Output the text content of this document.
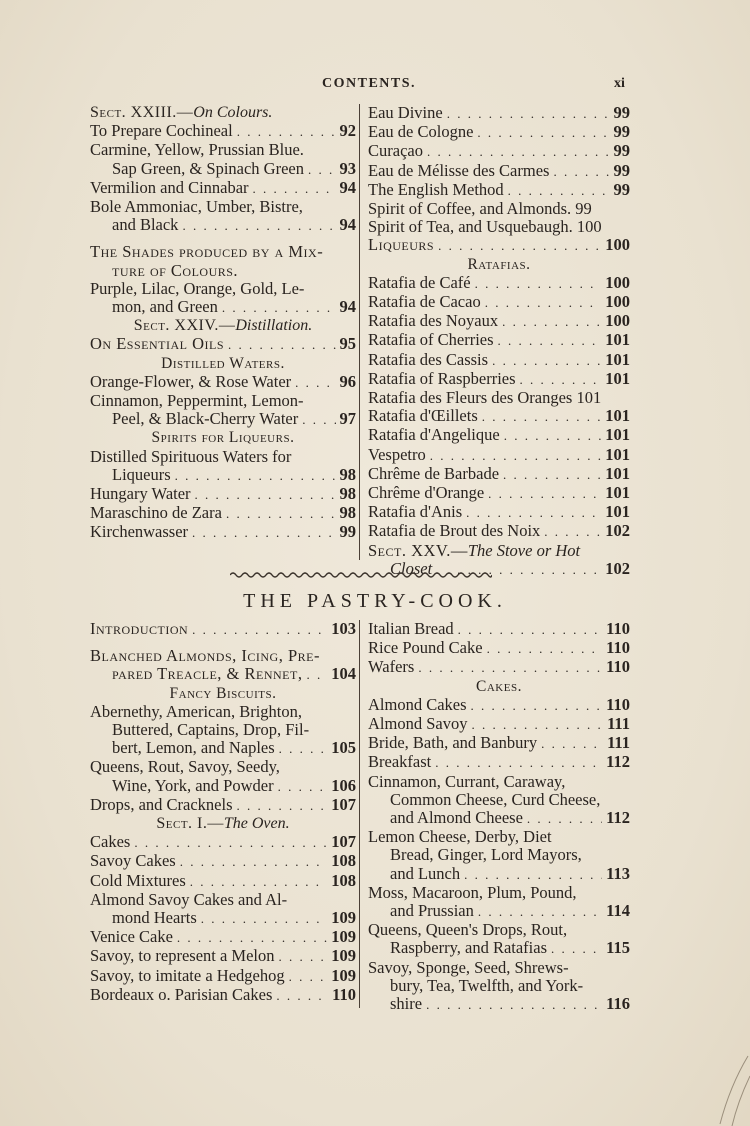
CONTENTS.	xi
Sect. XXIII.—On Colours.
To Prepare Cochineal . . .	92
Carmine, Yellow, Prussian Blue.
Sap Green, & Spinach Green . . . 93
Vermilion and Cinnabar . . .	94
Bole Ammoniac, Umber, Bistre,
and Black . . .	94
The Shades produced by a Mix-
ture of Colours.
Purple, Lilac, Orange, Gold, Le-
mon, and Green . . .	94
Sect. XXIV.—Distillation.
On Essential Oils . . .	95
Distilled Waters.
Orange-Flower, & Rose Water . . .	96
Cinnamon, Peppermint, Lemon-
Peel, & Black-Cherry Water . . .	97
Spirits for Liqueurs.
Distilled Spirituous Waters for
Liqueurs . . .	98
Hungary Water . . .	98
Maraschino de Zara . . .	98
Kirchenwasser . . .	99
Eau Divine . . .	99
Eau de Cologne . . .	99
Curaçao . . .	99
Eau de Mélisse des Carmes . . .	99
The English Method . . .	99
Spirit of Coffee, and Almonds. 99
Spirit of Tea, and Usquebaugh. 100
Liqueurs . . .	100
Ratafias.
Ratafia de Café . . .	100
Ratafia de Cacao . . .	100
Ratafia des Noyaux . . .	100
Ratafia of Cherries . . .	101
Ratafia des Cassis . . .	101
Ratafia of Raspberries . . .	101
Ratafia des Fleurs des Oranges 101
Ratafia d'Œillets . . .	101
Ratafia d'Angelique . . .	101
Vespetro . . .	101
Chrême de Barbade . . .	101
Chrême d'Orange . . .	101
Ratafia d'Anis . . .	101
Ratafia de Brout des Noix . . .	102
Sect. XXV.—The Stove or Hot
Closet . . .	102
THE PASTRY-COOK.
Introduction . . .	103
Blanched Almonds, Icing, Pre-
pared Treacle, & Rennet, . . . 104
Fancy Biscuits.
Abernethy, American, Brighton,
Buttered, Captains, Drop, Fil-
bert, Lemon, and Naples . . .	105
Queens, Rout, Savoy, Seedy,
Wine, York, and Powder . . .	106
Drops, and Cracknels . . .	107
Sect. I.—The Oven.
Cakes . . .	107
Savoy Cakes . . .	108
Cold Mixtures . . .	108
Almond Savoy Cakes and Al-
mond Hearts . . .	109
Venice Cake . . .	109
Savoy, to represent a Melon . . .	109
Savoy, to imitate a Hedgehog . . .	109
Bordeaux o. Parisian Cakes . . .	110
Italian Bread . . .	110
Rice Pound Cake . . .	110
Wafers . . .	110
Cakes.
Almond Cakes . . .	110
Almond Savoy . . .	111
Bride, Bath, and Banbury . . .	111
Breakfast . . .	112
Cinnamon, Currant, Caraway,
Common Cheese, Curd Cheese,
and Almond Cheese . . .	112
Lemon Cheese, Derby, Diet
Bread, Ginger, Lord Mayors,
and Lunch . . .	113
Moss, Macaroon, Plum, Pound,
and Prussian . . .	114
Queens, Queen's Drops, Rout,
Raspberry, and Ratafias . . .	115
Savoy, Sponge, Seed, Shrews-
bury, Tea, Twelfth, and York-
shire . . .	116
